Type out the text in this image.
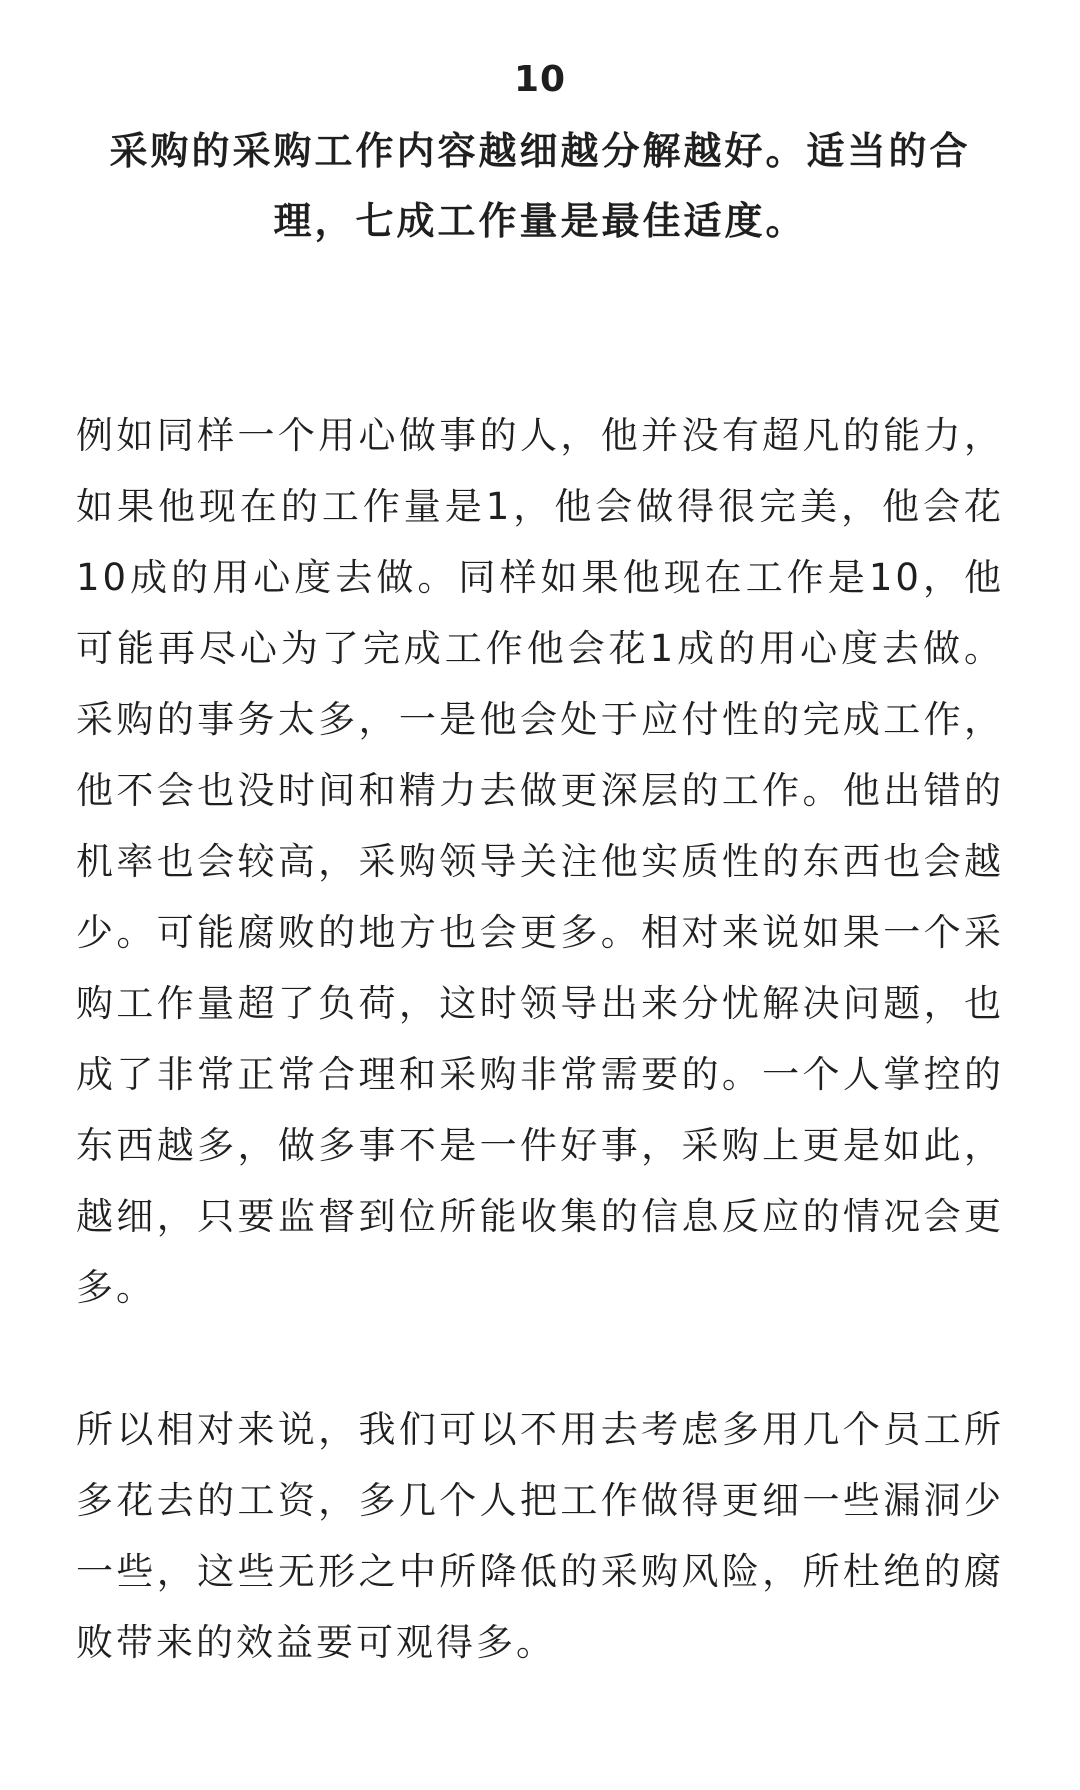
10
采购的采购工作内容越细越分解越好。适当的合理，七成工作量是最佳适度。

例如同样一个用心做事的人，他并没有超凡的能力，如果他现在的工作量是1，他会做得很完美，他会花10成的用心度去做。同样如果他现在工作是10，他可能再尽心为了完成工作他会花1成的用心度去做。采购的事务太多，一是他会处于应付性的完成工作，他不会也没时间和精力去做更深层的工作。他出错的机率也会较高，采购领导关注他实质性的东西也会越少。可能腐败的地方也会更多。相对来说如果一个采购工作量超了负荷，这时领导出来分忧解决问题，也成了非常正常合理和采购非常需要的。一个人掌控的东西越多，做多事不是一件好事，采购上更是如此，越细，只要监督到位所能收集的信息反应的情况会更多。

所以相对来说，我们可以不用去考虑多用几个员工所多花去的工资，多几个人把工作做得更细一些漏洞少一些，这些无形之中所降低的采购风险，所杜绝的腐败带来的效益要可观得多。
